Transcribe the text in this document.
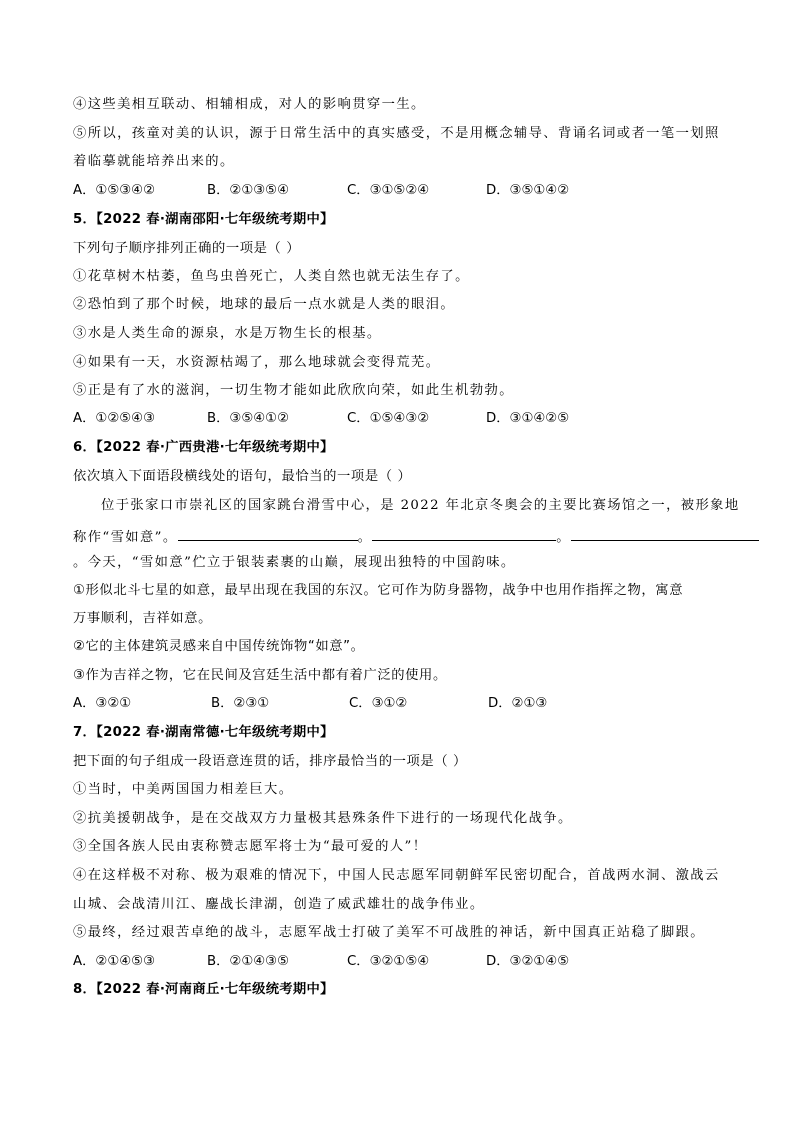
④这些美相互联动、相辅相成，对人的影响贯穿一生。
⑤所以，孩童对美的认识，源于日常生活中的真实感受，不是用概念辅导、背诵名词或者一笔一划照
着临摹就能培养出来的。
A．①⑤③④②	B．②①③⑤④	C．③①⑤②④	D．③⑤①④②
5．【2022 春·湖南邵阳·七年级统考期中】
下列句子顺序排列正确的一项是（ ）
①花草树木枯萎，鱼鸟虫兽死亡，人类自然也就无法生存了。
②恐怕到了那个时候，地球的最后一点水就是人类的眼泪。
③水是人类生命的源泉，水是万物生长的根基。
④如果有一天，水资源枯竭了，那么地球就会变得荒芜。
⑤正是有了水的滋润，一切生物才能如此欣欣向荣，如此生机勃勃。
A．①②⑤④③	B．③⑤④①②	C．①⑤④③②	D．③①④②⑤
6．【2022 春·广西贵港·七年级统考期中】
依次填入下面语段横线处的语句，最恰当的一项是（ ）
位于张家口市崇礼区的国家跳台滑雪中心，是 2022 年北京冬奥会的主要比赛场馆之一，被形象地
称作“雪如意”。	。	。
。今天，“雪如意”伫立于银装素裹的山巅，展现出独特的中国韵味。
①形似北斗七星的如意，最早出现在我国的东汉。它可作为防身器物，战争中也用作指挥之物，寓意
万事顺利，吉祥如意。
②它的主体建筑灵感来自中国传统饰物“如意”。
③作为吉祥之物，它在民间及宫廷生活中都有着广泛的使用。
A．③②①	B．②③①	C．③①②	D．②①③
7．【2022 春·湖南常德·七年级统考期中】
把下面的句子组成一段语意连贯的话，排序最恰当的一项是（ ）
①当时，中美两国国力相差巨大。
②抗美援朝战争，是在交战双方力量极其悬殊条件下进行的一场现代化战争。
③全国各族人民由衷称赞志愿军将士为“最可爱的人”！
④在这样极不对称、极为艰难的情况下，中国人民志愿军同朝鲜军民密切配合，首战两水洞、激战云
山城、会战清川江、鏖战长津湖，创造了威武雄壮的战争伟业。
⑤最终，经过艰苦卓绝的战斗，志愿军战士打破了美军不可战胜的神话，新中国真正站稳了脚跟。
A．②①④⑤③	B．②①④③⑤	C．③②①⑤④	D．③②①④⑤
8．【2022 春·河南商丘·七年级统考期中】
